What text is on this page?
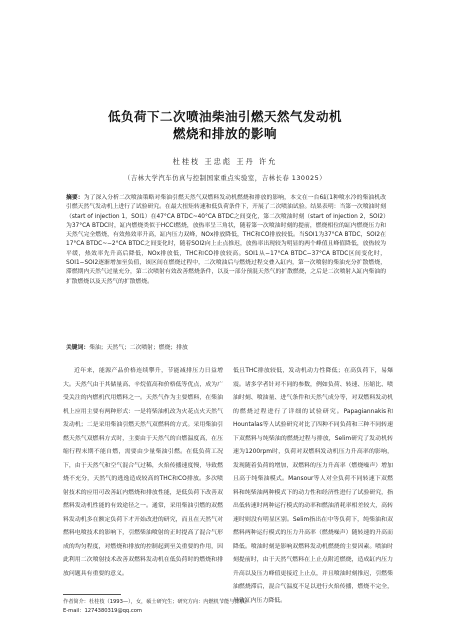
低负荷下二次喷油柴油引燃天然气发动机
燃烧和排放的影响
杜桂枝 王忠彪 王丹 许允
（吉林大学汽车仿真与控制国家重点实验室，吉林长春 130025）

摘要：为了深入分析二次喷油策略对柴油引燃天然气双燃料发动机燃烧和排放的影响，本文在一台6缸1种喷水冷的柴油机改引燃天然气发动机上进行了试验研究。在最大扭矩转速和低负荷条件下，开展了二次喷油试验。结果表明：当第一次喷油时刻（start of injection 1，SOI1）在47°CA BTDC~40°CA BTDC之间变化，第二次喷油时刻（start of injection 2，SOI2）为37°CA BTDC时，缸内燃烧类似于HCCI燃烧，放热率呈三角状，随着第一次喷油时刻的提前，燃烧相位的缸内燃烧压力和天然气完全燃烧，有效热效率升高，缸内压力双峰，NOx排放降低，THC和CO排放较低。当SOI1为37°CA BTDC，SOI2在17°CA BTDC~−2°CA BTDC之间变化时，随着SOI2向上止点推迟，放热率出现较为明显的两个峰值且峰值降低，放热较为平缓，热效率先升高后降低，NOx排放低，THC和CO排放较高。SOI1从−17°CA BTDC−37°CA BTDC区间变化时，SOI1−SOI2逐渐增加至负值，该区间在燃烧过程中，二次喷油后与燃烧过程交叠入缸内，第一次喷射的柴油充分扩散燃烧，滞燃期内天然气过量充分，第二次喷射有效改善燃烧条件，以及一部分预混天然气的扩散燃烧，之后是二次喷射入缸内柴油的扩散燃烧以及天然气的扩散燃烧。

关键词：柴油；天然气；二次喷射；燃烧；排放

近年来，能源产品价格连续攀升，节能减排压力日益增大。天然气由于其储量高、辛烷值高和价格低等优点，成为广受关注的内燃机代用燃料之一。天然气作为主要燃料，在柴油机上应用主要有两种形式：一是将柴油机改为火花点火天然气发动机；二是采用柴油引燃天然气双燃料的方式。采用柴油引燃天然气双燃料方式时，主要由于天然气的自燃温度高，在压缩行程末期不能自燃，需要由少量柴油引燃。在低负荷工况下，由于天然气和空气混合气过稀，火焰传播速度慢，导致燃烧不充分，天然气的逃逸造成较高的THC和CO排放。多次喷射技术的应用可改善缸内燃烧和排放性能，是低负荷下改善双燃料发动机性能的有效途径之一。通常，采用柴油引燃的双燃料发动机多在额定负荷下才开始改进的研究，而且在天然气对燃料电喷技术的影响下，引燃柴油喷射的正时提高了混合气形成的均匀程度，对燃烧和排放的控制起到至关重要的作用，因此利用二次喷射技术改善双燃料发动机在低负荷时的燃烧和排放问题具有重要的意义。

低且THC排放较低，发动机动力性降低；在高负荷下，易爆震。诸多学者针对不同的参数，例如负荷、转速、压缩比、喷油时刻、喷油量、进气条件和天然气成分等，对双燃料发动机的燃烧过程进行了详细的试验研究。Papagiannakis和Hountalas等人试验研究对比了四种不同负荷和三种不同转速下双燃料与纯柴油的燃烧过程与排放，Selim研究了发动机转速为1200rpm时，负荷对双燃料发动机压力升高率的影响，发现随着负荷的增加，双燃料的压力升高率（燃烧噪声）增加且高于纯柴油模式。Mansour等人对全负荷不同转速下双燃料和纯柴油两种模式下的动力性和经济性进行了试验研究，指出低转速时两种运行模式的动率和燃油消耗率相差较大，高转速时则没有明显区别。Selim指出在中等负荷下，纯柴油和双燃料两种运行模式的压力升高率（燃烧噪声）随转速的升高而降低。喷油时刻是影响双燃料发动机燃烧的主要因素。喷油时刻提前时，由于天然气燃料在上止点附近燃烧，造成缸内压力升高以及压力峰值更接近上止点，并且喷油时刻推迟，引燃柴油燃烧滞后，混合气温度不足以进行火焰传播，燃烧不完全，导致缸内压力降低。

作者简介：杜桂枝（1993—），女，硕士研究生；研究方向：内燃机节能与排放。
E-mail：1274380319@qq.com
